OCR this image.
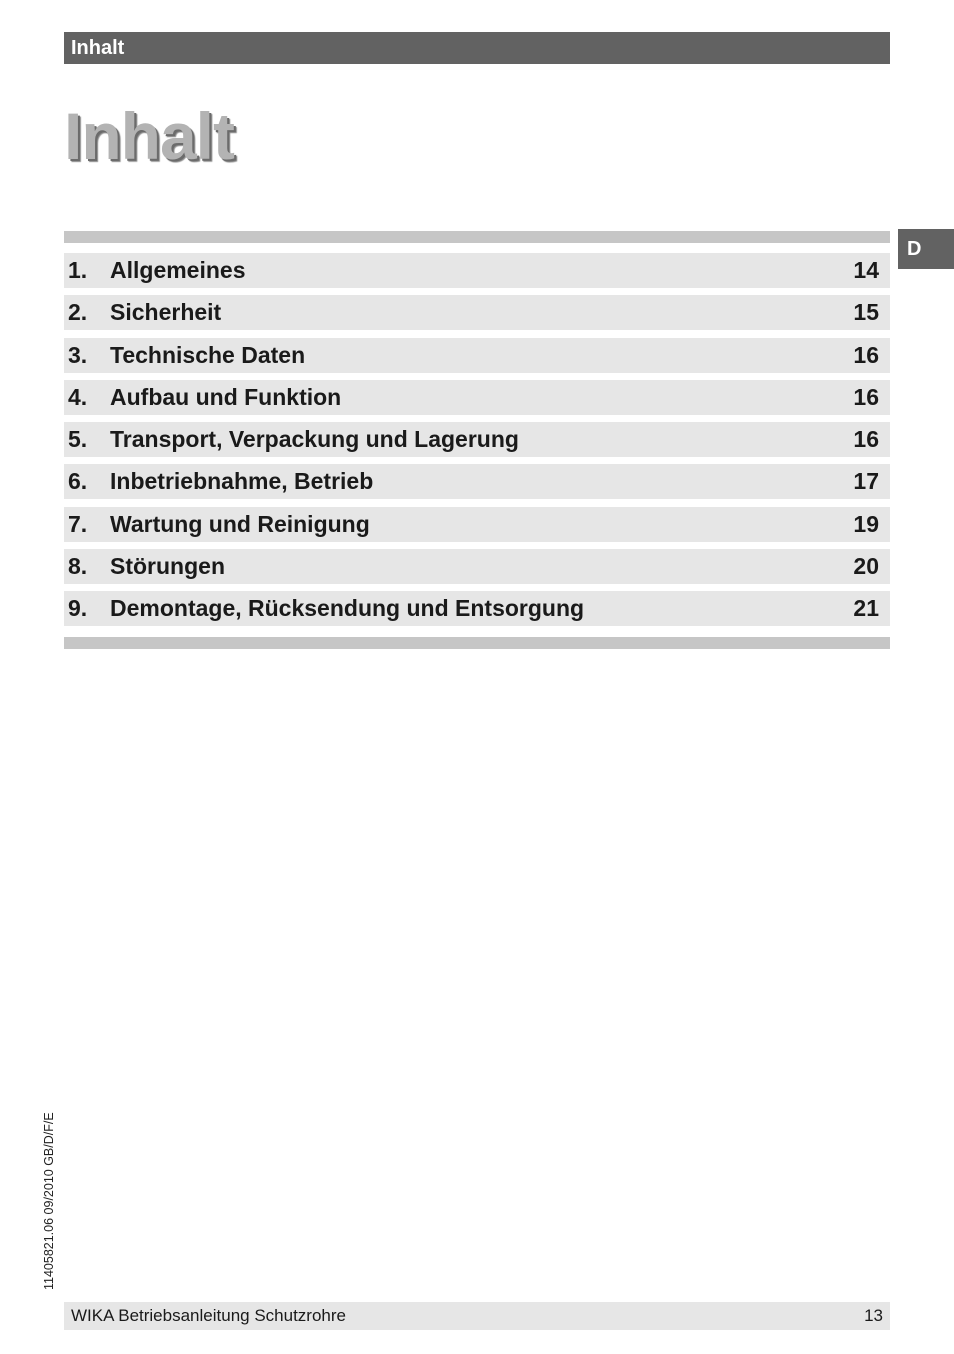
Inhalt
Inhalt
D
1. Allgemeines	14
2. Sicherheit	15
3. Technische Daten	16
4. Aufbau und Funktion	16
5. Transport, Verpackung und Lagerung	16
6. Inbetriebnahme, Betrieb	17
7. Wartung und Reinigung	19
8. Störungen	20
9. Demontage, Rücksendung und Entsorgung	21
11405821.06 09/2010 GB/D/F/E
WIKA Betriebsanleitung Schutzrohre	13
